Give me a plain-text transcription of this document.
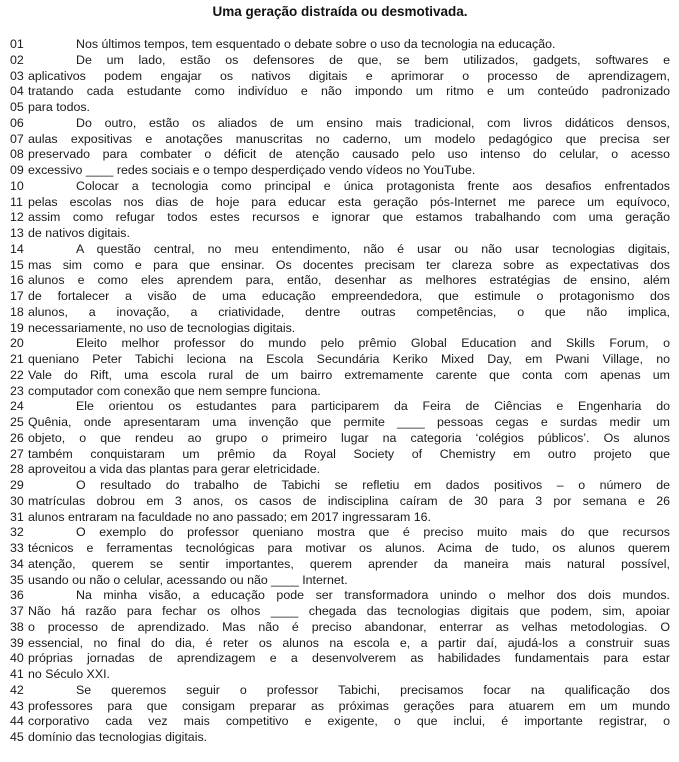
Uma geração distraída ou desmotivada.
01	Nos últimos tempos, tem esquentado o debate sobre o uso da tecnologia na educação.
02	De um lado, estão os defensores de que, se bem utilizados, gadgets, softwares e
03 aplicativos podem engajar os nativos digitais e aprimorar o processo de aprendizagem,
04 tratando cada estudante como indivíduo e não impondo um ritmo e um conteúdo padronizado
05 para todos.
06	Do outro, estão os aliados de um ensino mais tradicional, com livros didáticos densos,
07 aulas expositivas e anotações manuscritas no caderno, um modelo pedagógico que precisa ser
08 preservado para combater o déficit de atenção causado pelo uso intenso do celular, o acesso
09 excessivo ____ redes sociais e o tempo desperdiçado vendo vídeos no YouTube.
10	Colocar a tecnologia como principal e única protagonista frente aos desafios enfrentados
11 pelas escolas nos dias de hoje para educar esta geração pós-Internet me parece um equívoco,
12 assim como refugar todos estes recursos e ignorar que estamos trabalhando com uma geração
13 de nativos digitais.
14	A questão central, no meu entendimento, não é usar ou não usar tecnologias digitais,
15 mas sim como e para que ensinar. Os docentes precisam ter clareza sobre as expectativas dos
16 alunos e como eles aprendem para, então, desenhar as melhores estratégias de ensino, além
17 de fortalecer a visão de uma educação empreendedora, que estimule o protagonismo dos
18 alunos, a inovação, a criatividade, dentre outras competências, o que não implica,
19 necessariamente, no uso de tecnologias digitais.
20	Eleito melhor professor do mundo pelo prêmio Global Education and Skills Forum, o
21 queniano Peter Tabichi leciona na Escola Secundária Keriko Mixed Day, em Pwani Village, no
22 Vale do Rift, uma escola rural de um bairro extremamente carente que conta com apenas um
23 computador com conexão que nem sempre funciona.
24	Ele orientou os estudantes para participarem da Feira de Ciências e Engenharia do
25 Quênia, onde apresentaram uma invenção que permite ____ pessoas cegas e surdas medir um
26 objeto, o que rendeu ao grupo o primeiro lugar na categoria ‘colégios públicos’. Os alunos
27 também conquistaram um prêmio da Royal Society of Chemistry em outro projeto que
28 aproveitou a vida das plantas para gerar eletricidade.
29	O resultado do trabalho de Tabichi se refletiu em dados positivos – o número de
30 matrículas dobrou em 3 anos, os casos de indisciplina caíram de 30 para 3 por semana e 26
31 alunos entraram na faculdade no ano passado; em 2017 ingressaram 16.
32	O exemplo do professor queniano mostra que é preciso muito mais do que recursos
33 técnicos e ferramentas tecnológicas para motivar os alunos. Acima de tudo, os alunos querem
34 atenção, querem se sentir importantes, querem aprender da maneira mais natural possível,
35 usando ou não o celular, acessando ou não ____ Internet.
36	Na minha visão, a educação pode ser transformadora unindo o melhor dos dois mundos.
37 Não há razão para fechar os olhos ____ chegada das tecnologias digitais que podem, sim, apoiar
38 o processo de aprendizado. Mas não é preciso abandonar, enterrar as velhas metodologias. O
39 essencial, no final do dia, é reter os alunos na escola e, a partir daí, ajudá-los a construir suas
40 próprias jornadas de aprendizagem e a desenvolverem as habilidades fundamentais para estar
41 no Século XXI.
42	Se queremos seguir o professor Tabichi, precisamos focar na qualificação dos
43 professores para que consigam preparar as próximas gerações para atuarem em um mundo
44 corporativo cada vez mais competitivo e exigente, o que inclui, é importante registrar, o
45 domínio das tecnologias digitais.
